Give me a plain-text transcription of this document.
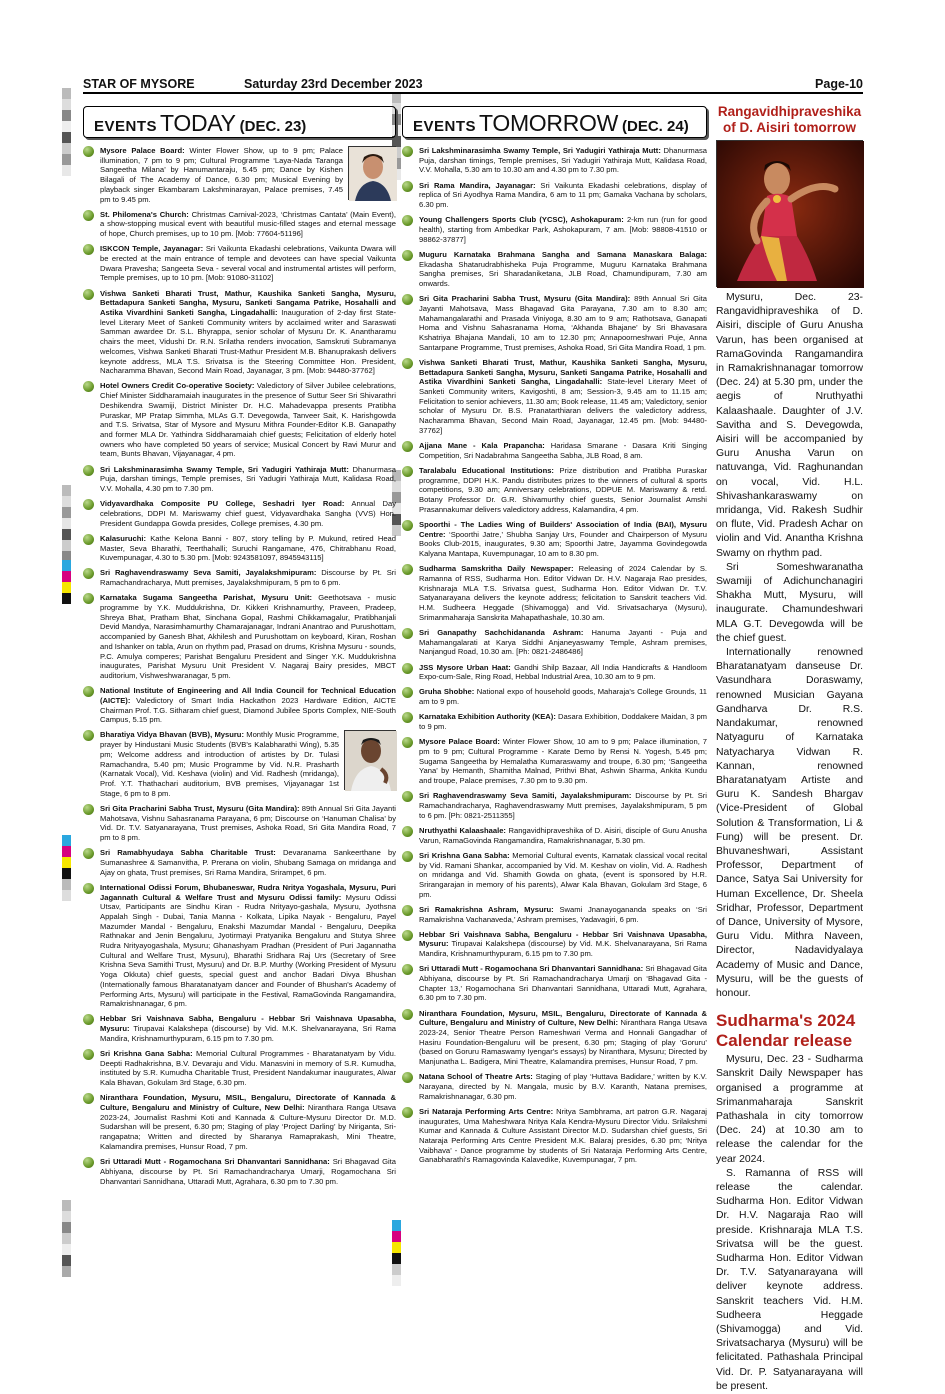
STAR OF MYSORE	Saturday 23rd December 2023	Page-10
EVENTS TODAY (DEC. 23)
Mysore Palace Board: Winter Flower Show, up to 9 pm; Palace illumination, 7 pm to 9 pm; Cultural Programme ‘Laya-Nada Taranga Sangeetha Milana’ by Hanumantaraju, 5.45 pm; Dance by Kishen Bilagali of The Academy of Dance, 6.30 pm; Musical Evening by playback singer Ekambaram Lakshminarayan, Palace premises, 7.45 pm to 9.45 pm.
St. Philomena's Church: Christmas Carnival-2023, ‘Christmas Cantata’ (Main Event), a show-stopping musical event with beautiful music-filled stages and eternal message of hope, Church premises, up to 10 pm. [Mob: 77604-51196]
ISKCON Temple, Jayanagar: Sri Vaikunta Ekadashi celebrations, Vaikunta Dwara will be erected at the main entrance of temple and devotees can have special Vaikunta Dwara Pravesha; Sangeeta Seva - several vocal and instrumental artistes will perform, Temple premises, up to 10 pm. [Mob: 91080-31102]
Vishwa Sanketi Bharati Trust, Mathur, Kaushika Sanketi Sangha, Mysuru, Bettadapura Sanketi Sangha, Mysuru, Sanketi Sangama Patrike, Hosahalli and Astika Vivardhini Sanketi Sangha, Lingadahalli: Inauguration of 2-day first State-level Literary Meet of Sanketi Community writers by acclaimed writer and Saraswati Samman awardee Dr. S.L. Bhyrappa, senior scholar of Mysuru Dr. K. Anantharamu chairs the meet, Vidushi Dr. R.N. Srilatha renders invocation, Samskruti Subramanya welcomes, Vishwa Sanketi Bharati Trust-Mathur President M.B. Bhanuprakash delivers keynote address, MLA T.S. Srivatsa is the Steering Committee Hon. President, Nacharamma Bhavan, Second Main Road, Jayanagar, 3 pm. [Mob: 94480-37762]
Hotel Owners Credit Co-operative Society: Valedictory of Silver Jubilee celebrations, Chief Minister Siddharamaiah inaugurates in the presence of Suttur Seer Sri Shivarathri Deshikendra Swamiji, District Minister Dr. H.C. Mahadevappa presents Pratibha Puraskar, MP Pratap Simmha, MLAs G.T. Devegowda, Tanveer Sait, K. Harishgowda and T.S. Srivatsa, Star of Mysore and Mysuru Mithra Founder-Editor K.B. Ganapathy and former MLA Dr. Yathindra Siddharamaiah chief guests; Felicitation of elderly hotel owners who have completed 50 years of service; Musical Concert by Ravi Murur and team, Bunts Bhavan, Vijayanagar, 4 pm.
Sri Lakshminarasimha Swamy Temple, Sri Yadugiri Yathiraja Mutt: Dhanurmasa Puja, darshan timings, Temple premises, Sri Yadugiri Yathiraja Mutt, Kalidasa Road, V.V. Mohalla, 4.30 pm to 7.30 pm.
Vidyavardhaka Composite PU College, Seshadri Iyer Road: Annual Day celebrations, DDPI M. Mariswamy chief guest, Vidyavardhaka Sangha (VVS) Hon. President Gundappa Gowda presides, College premises, 4.30 pm.
Kalasuruchi: Kathe Kelona Banni - 807, story telling by P. Mukund, retired Head Master, Seva Bharathi, Teerthahalli; Suruchi Rangamane, 476, Chitrabhanu Road, Kuvempunagar, 4.30 to 5.30 pm. [Mob: 9243581097, 8945943115]
Sri Raghavendraswamy Seva Samiti, Jayalakshmipuram: Discourse by Pt. Sri Ramachandracharya, Mutt premises, Jayalakshmipuram, 5 pm to 6 pm.
Karnataka Sugama Sangeetha Parishat, Mysuru Unit: Geethotsava - music programme by Y.K. Muddukrishna, Dr. Kikkeri Krishnamurthy, Praveen, Pradeep, Shreya Bhat, Pratham Bhat, Sinchana Gopal, Rashmi Chikkamagalur, Pratibhanjali Devid Mandya, Narasimhamurthy Chamarajanagar, Indrani Anantrao and Purushottam, accompanied by Ganesh Bhat, Akhilesh and Purushottam on keyboard, Kiran, Roshan and Ishanker on tabla, Arun on rhythm pad, Prasad on drums, Krishna Mysuru - sounds, P.C. Amulya comperes; Parishat Bengaluru President and Singer Y.K. Muddukrishna inaugurates, Parishat Mysuru Unit President V. Nagaraj Bairy presides, MBCT auditorium, Vishweshwaranagar, 5 pm.
National Institute of Engineering and All India Council for Technical Education (AICTE): Valedictory of Smart India Hackathon 2023 Hardware Edition, AICTE Chairman Prof. T.G. Sitharam chief guest, Diamond Jubilee Sports Complex, NIE-South Campus, 5.15 pm.
Bharatiya Vidya Bhavan (BVB), Mysuru: Monthly Music Programme, prayer by Hindustani Music Students (BVB's Kalabharathi Wing), 5.35 pm; Welcome address and introduction of artistes by Dr. Tulasi Ramachandra, 5.40 pm; Music Programme by Vid. N.R. Prasharth (Karnatak Vocal), Vid. Keshava (violin) and Vid. Radhesh (mridanga), Prof. Y.T. Thathachari auditorium, BVB premises, Vijayanagar 1st Stage, 6 pm to 8 pm.
Sri Gita Pracharini Sabha Trust, Mysuru (Gita Mandira): 89th Annual Sri Gita Jayanti Mahotsava, Vishnu Sahasranama Parayana, 6 pm; Discourse on ‘Hanuman Chalisa’ by Vid. Dr. T.V. Satyanarayana, Trust premises, Ashoka Road, Sri Gita Mandira Road, 7 pm to 8 pm.
Sri Ramabhyudaya Sabha Charitable Trust: Devaranama Sankeerthane by Sumanashree & Samanvitha, P. Prerana on violin, Shubang Samaga on mridanga and Ajay on ghata, Trust premises, Sri Rama Mandira, Srirampet, 6 pm.
International Odissi Forum, Bhubaneswar, Rudra Nritya Yogashala, Mysuru, Puri Jagannath Cultural & Welfare Trust and Mysuru Odissi family: Mysuru Odissi Utsav, Participants are Sindhu Kiran - Rudra Nrityayo-gashala, Mysuru, Jyothsna Appalah Singh - Dubai, Tania Manna - Kolkata, Lipika Nayak - Bengaluru, Payel Mazumder Mandal - Bengaluru, Enakshi Mazumdar Mandal - Bengaluru, Deepika Rathnakar and Jenin Bengaluru, Jyotirmayi Pratyanika Bengaluru and Stutya Shree Rudra Nrityayogashala, Mysuru; Ghanashyam Pradhan (President of Puri Jagannatha Cultural and Welfare Trust, Mysuru), Bharathi Sridhara Raj Urs (Secretary of Sree Krishna Seva Samithi Trust, Mysuru) and Dr. B.P. Murthy (Working President of Mysuru Yoga Okkuta) chief guests, special guest and anchor Badari Divya Bhushan (Internationally famous Bharatanatyam dancer and Founder of Bhushan's Academy of Performing Arts, Mysuru) will participate in the Festival, RamaGovinda Rangamandira, Ramakrishnanagar, 6 pm.
Hebbar Sri Vaishnava Sabha, Bengaluru - Hebbar Sri Vaishnava Upasabha, Mysuru: Tirupavai Kalakshepa (discourse) by Vid. M.K. Shelvanarayana, Sri Rama Mandira, Krishnamurthypuram, 6.15 pm to 7.30 pm.
Sri Krishna Gana Sabha: Memorial Cultural Programmes - Bharatanatyam by Vidu. Deepti Radhakrishna, B.V. Devaraju and Vidu. Manasvini in memory of S.R. Kumudha, instituted by S.R. Kumudha Charitable Trust, President Nandakumar inaugurates, Alwar Kala Bhavan, Gokulam 3rd Stage, 6.30 pm.
Niranthara Foundation, Mysuru, MSIL, Bengaluru, Directorate of Kannada & Culture, Bengaluru and Ministry of Culture, New Delhi: Niranthara Ranga Utsava 2023-24, Journalist Rashmi Koti and Kannada & Culture-Mysuru Director Dr. M.D. Sudarshan will be present, 6.30 pm; Staging of play ‘Project Darling’ by Niriganta, Sri-rangapatna; Written and directed by Sharanya Ramaprakash, Mini Theatre, Kalamandira premises, Hunsur Road, 7 pm.
Sri Uttaradi Mutt - Rogamochana Sri Dhanvantari Sannidhana: Sri Bhagavad Gita Abhiyana, discourse by Pt. Sri Ramachandracharya Umarji, Rogamochana Sri Dhanvantari Sannidhana, Uttaradi Mutt, Agrahara, 6.30 pm to 7.30 pm.
EVENTS TOMORROW (DEC. 24)
Sri Lakshminarasimha Swamy Temple, Sri Yadugiri Yathiraja Mutt: Dhanurmasa Puja, darshan timings, Temple premises, Sri Yadugiri Yathiraja Mutt, Kalidasa Road, V.V. Mohalla, 5.30 am to 10.30 am and 4.30 pm to 7.30 pm.
Sri Rama Mandira, Jayanagar: Sri Vaikunta Ekadashi celebrations, display of replica of Sri Ayodhya Rama Mandira, 6 am to 11 pm; Gamaka Vachana by scholars, 6.30 pm.
Young Challengers Sports Club (YCSC), Ashokapuram: 2-km run (run for good health), starting from Ambedkar Park, Ashokapuram, 7 am. [Mob: 98808-41510 or 98862-37877]
Muguru Karnataka Brahmana Sangha and Samana Manaskara Balaga: Ekadasha Shatarudrabhisheka Puja Programme, Muguru Karnataka Brahmana Sangha premises, Sri Sharadaniketana, JLB Road, Chamundipuram, 7.30 am onwards.
Sri Gita Pracharini Sabha Trust, Mysuru (Gita Mandira): 89th Annual Sri Gita Jayanti Mahotsava, Mass Bhagavad Gita Parayana, 7.30 am to 8.30 am; Mahamangalarathi and Prasada Viniyoga, 8.30 am to 9 am; Rathotsava, Ganapati Homa and Vishnu Sahasranama Homa, ‘Akhanda Bhajane’ by Sri Bhavasara Kshatriya Bhajana Mandali, 10 am to 12.30 pm; Annapoorneshwari Puje, Anna Santarpane Programme, Trust premises, Ashoka Road, Sri Gita Mandira Road, 1 pm.
Vishwa Sanketi Bharati Trust, Mathur, Kaushika Sanketi Sangha, Mysuru, Bettadapura Sanketi Sangha, Mysuru, Sanketi Sangama Patrike, Hosahalli and Astika Vivardhini Sanketi Sangha, Lingadahalli: State-level Literary Meet of Sanketi Community writers, Kavigoshti, 8 am; Session-3, 9.45 am to 11.15 am; Felicitation to senior achievers, 11.30 am; Book release, 11.45 am; Valedictory, senior scholar of Mysuru Dr. B.S. Pranatarthiaran delivers the valedictory address, Nacharamma Bhavan, Second Main Road, Jayanagar, 12.45 pm. [Mob: 94480-37762]
Ajjana Mane - Kala Prapancha: Haridasa Smarane - Dasara Kriti Singing Competition, Sri Nadabrahma Sangeetha Sabha, JLB Road, 8 am.
Taralabalu Educational Institutions: Prize distribution and Pratibha Puraskar programme, DDPI H.K. Pandu distributes prizes to the winners of cultural & sports competitions, 9.30 am; Anniversary celebrations, DDPUE M. Mariswamy & retd. Botany Professor Dr. G.R. Shivamurthy chief guests, Senior Journalist Amshi Prasannakumar delivers valedictory address, Kalamandira, 4 pm.
Spoorthi - The Ladies Wing of Builders' Association of India (BAI), Mysuru Centre: ‘Spoorthi Jatre,’ Shubha Sanjay Urs, Founder and Chairperson of Mysuru Books Club-2015, inaugurates, 9.30 am; Spoorthi Jatre, Jayamma Govindegowda Kalyana Mantapa, Kuvempunagar, 10 am to 8.30 pm.
Sudharma Samskritha Daily Newspaper: Releasing of 2024 Calendar by S. Ramanna of RSS, Sudharma Hon. Editor Vidwan Dr. H.V. Nagaraja Rao presides, Krishnaraja MLA T.S. Srivatsa guest, Sudharma Hon. Editor Vidwan Dr. T.V. Satyanarayana delivers the keynote address; felicitation to Sanskrit teachers Vid. H.M. Sudheera Heggade (Shivamogga) and Vid. Srivatsacharya (Mysuru), Srimanmaharaja Sanskrita Mahapathashale, 10.30 am.
Sri Ganapathy Sachchidananda Ashram: Hanuma Jayanti - Puja and Mahamangalarati at Karya Siddhi Anjaneyaswamy Temple, Ashram premises, Nanjangud Road, 10.30 am. [Ph: 0821-2486486]
JSS Mysore Urban Haat: Gandhi Shilp Bazaar, All India Handicrafts & Handloom Expo-cum-Sale, Ring Road, Hebbal Industrial Area, 10.30 am to 9 pm.
Gruha Shobhe: National expo of household goods, Maharaja's College Grounds, 11 am to 9 pm.
Karnataka Exhibition Authority (KEA): Dasara Exhibition, Doddakere Maidan, 3 pm to 9 pm.
Mysore Palace Board: Winter Flower Show, 10 am to 9 pm; Palace illumination, 7 pm to 9 pm; Cultural Programme - Karate Demo by Rensi N. Yogesh, 5.45 pm; Sugama Sangeetha by Hemalatha Kumaraswamy and troupe, 6.30 pm; ‘Sangeetha Yana’ by Hemanth, Shamitha Malnad, Prithvi Bhat, Ashwin Sharma, Ankita Kundu and troupe, Palace premises, 7.30 pm to 9.30 pm.
Sri Raghavendraswamy Seva Samiti, Jayalakshmipuram: Discourse by Pt. Sri Ramachandracharya, Raghavendraswamy Mutt premises, Jayalakshmipuram, 5 pm to 6 pm. [Ph: 0821-2511355]
Nruthyathi Kalaashaale: Rangavidhipraveshika of D. Aisiri, disciple of Guru Anusha Varun, RamaGovinda Rangamandira, Ramakrishnanagar, 5.30 pm.
Sri Krishna Gana Sabha: Memorial Cultural events, Karnatak classical vocal recital by Vid. Ramani Shankar, accompanied by Vid. M. Keshav on violin, Vid. A. Radhesh on mridanga and Vid. Shamith Gowda on ghata, (event is sponsored by H.R. Srirangarajan in memory of his parents), Alwar Kala Bhavan, Gokulam 3rd Stage, 6 pm.
Sri Ramakrishna Ashram, Mysuru: Swami Jnanayogananda speaks on ‘Sri Ramakrishna Vachanaveda,’ Ashram premises, Yadavagiri, 6 pm.
Hebbar Sri Vaishnava Sabha, Bengaluru - Hebbar Sri Vaishnava Upasabha, Mysuru: Tirupavai Kalakshepa (discourse) by Vid. M.K. Shelvanarayana, Sri Rama Mandira, Krishnamurthypuram, 6.15 pm to 7.30 pm.
Sri Uttaradi Mutt - Rogamochana Sri Dhanvantari Sannidhana: Sri Bhagavad Gita Abhiyana, discourse by Pt. Sri Ramachandracharya Umarji on ‘Bhagavad Gita - Chapter 13,’ Rogamochana Sri Dhanvantari Sannidhana, Uttaradi Mutt, Agrahara, 6.30 pm to 7.30 pm.
Niranthara Foundation, Mysuru, MSIL, Bengaluru, Directorate of Kannada & Culture, Bengaluru and Ministry of Culture, New Delhi: Niranthara Ranga Utsava 2023-24, Senior Theatre Person Rameshwari Verma and Honnali Gangadhar of Hasiru Foundation-Bengaluru will be present, 6.30 pm; Staging of play ‘Goruru’ (based on Goruru Ramaswamy Iyengar's essays) by Niranthara, Mysuru; Directed by Manjunatha L. Badigera, Mini Theatre, Kalamandira premises, Hunsur Road, 7 pm.
Natana School of Theatre Arts: Staging of play ‘Huttava Badidare,’ written by K.V. Narayana, directed by N. Mangala, music by B.V. Karanth, Natana premises, Ramakrishnanagar, 6.30 pm.
Sri Nataraja Performing Arts Centre: Nritya Sambhrama, art patron G.R. Nagaraj inaugurates, Uma Maheshwara Nritya Kala Kendra-Mysuru Director Vidu. Srilakshmi Kumar and Kannada & Culture Assistant Director M.D. Sudarshan chief guests, Sri Nataraja Performing Arts Centre President M.K. Balaraj presides, 6.30 pm; ‘Nritya Vaibhava’ - Dance programme by students of Sri Nataraja Performing Arts Centre, Ganabharathi's Ramagovinda Kalavedike, Kuvempunagar, 7 pm.
Rangavidhipraveshika of D. Aisiri tomorrow

Mysuru, Dec. 23- Rangavidhipraveshika of D. Aisiri, disciple of Guru Anusha Varun, has been organised at RamaGovinda Rangamandira in Ramakrishnanagar tomorrow (Dec. 24) at 5.30 pm, under the aegis of Nruthyathi Kalaashaale. Daughter of J.V. Savitha and S. Devegowda, Aisiri will be accompanied by Guru Anusha Varun on natuvanga, Vid. Raghunandan on vocal, Vid. H.L. Shivashankaraswamy on mridanga, Vid. Rakesh Sudhir on flute, Vid. Pradesh Achar on violin and Vid. Anantha Krishna Swamy on rhythm pad.

Sri Someshwaranatha Swamiji of Adichunchanagiri Shakha Mutt, Mysuru, will inaugurate. Chamundeshwari MLA G.T. Devegowda will be the chief guest.

Internationally renowned Bharatanatyam danseuse Dr. Vasundhara Doraswamy, renowned Musician Gayana Gandharva Dr. R.S. Nandakumar, renowned Natyaguru of Karnataka Natyacharya Vidwan R. Kannan, renowned Bharatanatyam Artiste and Guru K. Sandesh Bhargav (Vice-President of Global Solution & Transformation, Li & Fung) will be present. Dr. Bhuvaneshwari, Assistant Professor, Department of Dance, Satya Sai University for Human Excellence, Dr. Sheela Sridhar, Professor, Department of Dance, University of Mysore, Guru Vidu. Mithra Naveen, Director, Nadavidyalaya Academy of Music and Dance, Mysuru, will be the guests of honour.

Sudharma's 2024 Calendar release

Mysuru, Dec. 23 - Sudharma Sanskrit Daily Newspaper has organised a programme at Srimanmaharaja Sanskrit Pathashala in city tomorrow (Dec. 24) at 10.30 am to release the calendar for the year 2024.

S. Ramanna of RSS will release the calendar. Sudharma Hon. Editor Vidwan Dr. H.V. Nagaraja Rao will preside. Krishnaraja MLA T.S. Srivatsa will be the guest. Sudharma Hon. Editor Vidwan Dr. T.V. Satyanarayana will deliver keynote address. Sanskrit teachers Vid. H.M. Sudheera Heggade (Shivamogga) and Vid. Srivatsacharya (Mysuru) will be felicitated. Pathashala Principal Vid. Dr. P. Satyanarayana will be present.
